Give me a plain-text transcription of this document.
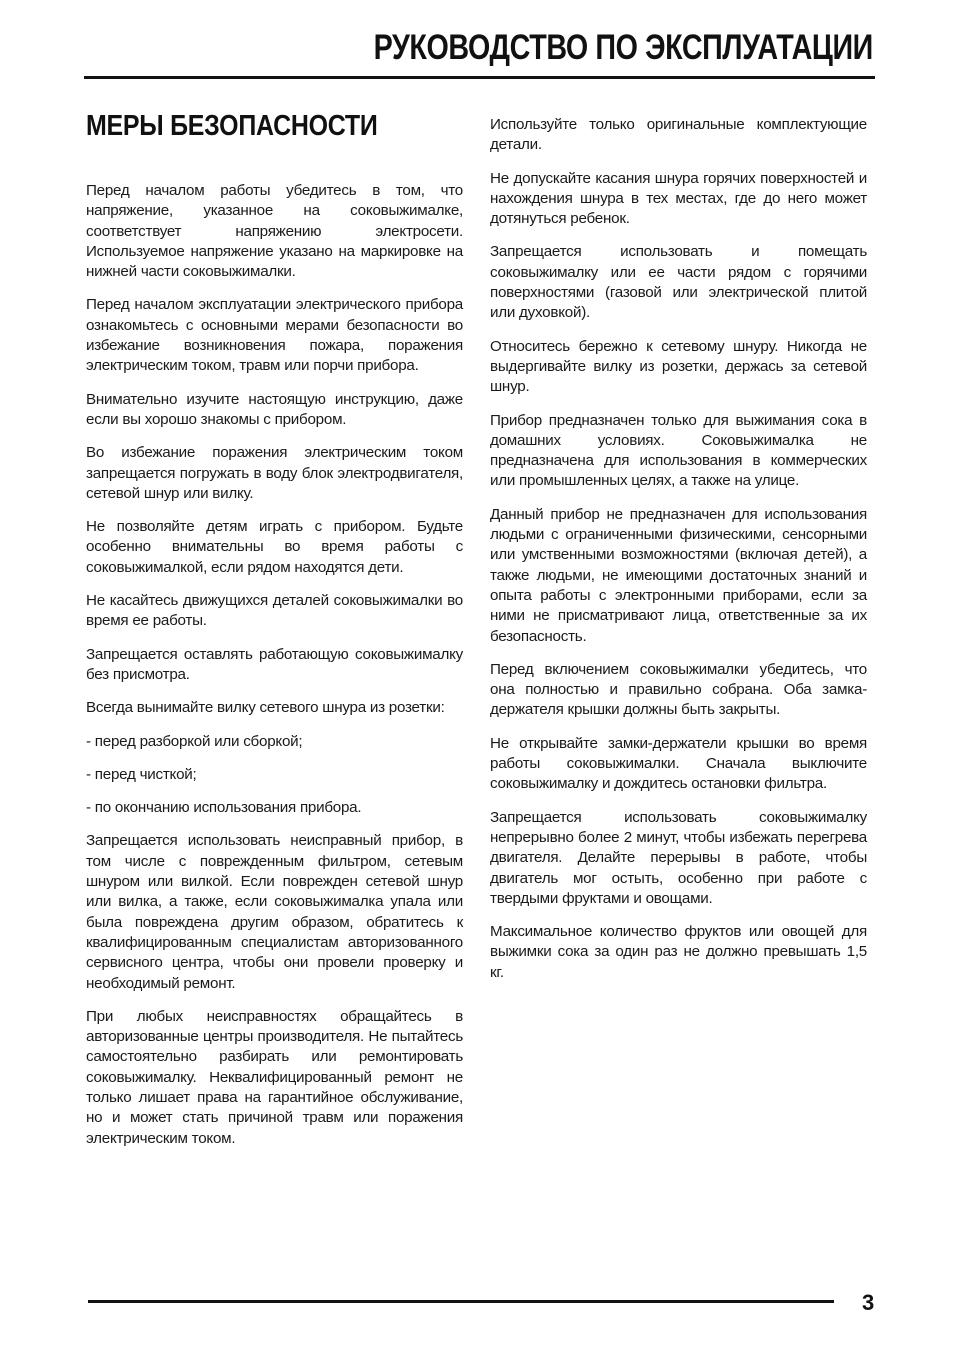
РУКОВОДСТВО ПО ЭКСПЛУАТАЦИИ
МЕРЫ БЕЗОПАСНОСТИ

Перед началом работы убедитесь в том, что напряжение, указанное на соковыжималке, соответствует напряжению электросети. Используемое напряжение указано на маркировке на нижней части соковыжималки.

Перед началом эксплуатации электрического прибора ознакомьтесь с основными мерами безопасности во избежание возникновения пожара, поражения электрическим током, травм или порчи прибора.

Внимательно изучите настоящую инструкцию, даже если вы хорошо знакомы с прибором.

Во избежание поражения электрическим током запрещается погружать в воду блок электродвигателя, сетевой шнур или вилку.

Не позволяйте детям играть с прибором. Будьте особенно внимательны во время работы с соковыжималкой, если рядом находятся дети.

Не касайтесь движущихся деталей соковыжималки во время ее работы.

Запрещается оставлять работающую соковыжималку без присмотра.

Всегда вынимайте вилку сетевого шнура из розетки:

- перед разборкой или сборкой;

- перед чисткой;

- по окончанию использования прибора.

Запрещается использовать неисправный прибор, в том числе с поврежденным фильтром, сетевым шнуром или вилкой. Если поврежден сетевой шнур или вилка, а также, если соковыжималка упала или была повреждена другим образом, обратитесь к квалифицированным специалистам авторизованного сервисного центра, чтобы они провели проверку и необходимый ремонт.

При любых неисправностях обращайтесь в авторизованные центры производителя. Не пытайтесь самостоятельно разбирать или ремонтировать соковыжималку. Неквалифицированный ремонт не только лишает права на гарантийное обслуживание, но и может стать причиной травм или поражения электрическим током.

Используйте только оригинальные комплектующие детали.

Не допускайте касания шнура горячих поверхностей и нахождения шнура в тех местах, где до него может дотянуться ребенок.

Запрещается использовать и помещать соковыжималку или ее части рядом с горячими поверхностями (газовой или электрической плитой или духовкой).

Относитесь бережно к сетевому шнуру. Никогда не выдергивайте вилку из розетки, держась за сетевой шнур.

Прибор предназначен только для выжимания сока в домашних условиях. Соковыжималка не предназначена для использования в коммерческих или промышленных целях, а также на улице.

Данный прибор не предназначен для использования людьми с ограниченными физическими, сенсорными или умственными возможностями (включая детей), а также людьми, не имеющими достаточных знаний и опыта работы с электронными приборами, если за ними не присматривают лица, ответственные за их безопасность.

Перед включением соковыжималки убедитесь, что она полностью и правильно собрана. Оба замка-держателя крышки должны быть закрыты.

Не открывайте замки-держатели крышки во время работы соковыжималки. Сначала выключите соковыжималку и дождитесь остановки фильтра.

Запрещается использовать соковыжималку непрерывно более 2 минут, чтобы избежать перегрева двигателя. Делайте перерывы в работе, чтобы двигатель мог остыть, особенно при работе с твердыми фруктами и овощами.

Максимальное количество фруктов или овощей для выжимки сока за один раз не должно превышать 1,5 кг.

3
